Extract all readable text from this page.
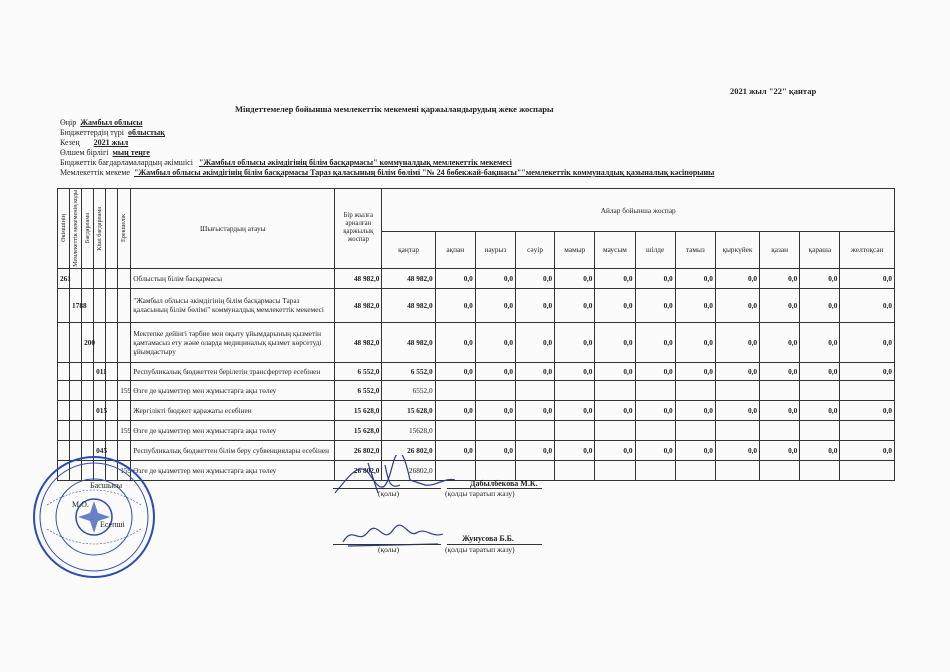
2021 жыл "22" қантар
Міндеттемелер бойынша мемлекеттік мекемені қаржыландырудың жеке жоспары
Өңір Жамбыл облысы
Бюджеттердің түрі облыстық
Кезең 2021 жыл
Өлшем бірлігі мың теңге
Бюджеттік бағдарламалардың әкімшісі "Жамбыл облысы әкімдігінің білім басқармасы" коммуналдық мемлекеттік мекемесі
Мемлекеттік мекеме "Жамбыл облысы әкімдігінің білім басқармасы Тараз қаласының білім бөлімі "№ 24 бөбекжай-бақшасы""мемлекеттік коммуналдық қазыналық кәсіпорыны
Әкімшінің	Мемлекеттік мекеменің коды	Бағдарлама	Кіші бағдарлама		Ерекшелік	Шығыстардың атауы	Бір жылға арналған қаржылық жоспар	Айлар бойынша жоспар											
								қаңтар	ақпан	наурыз	сәуір	мамыр	маусым	шілде	тамыз	қыркүйек	қазан	қараша	желтоқсан
261						Облыстың білім басқармасы	48 982,0	48 982,0	0,0	0,0	0,0	0,0	0,0	0,0	0,0	0,0	0,0	0,0	0,0
	1788					"Жамбыл облысы әкімдігінің білім басқармасы Тараз қаласының білім бөлімі" коммуналдық мемлекеттік мекемесі	48 982,0	48 982,0	0,0	0,0	0,0	0,0	0,0	0,0	0,0	0,0	0,0	0,0	0,0
		200				Мектепке дейінгі тәрбие мен оқыту ұйымдарының қызметін қамтамасыз ету және оларда медициналық қызмет көрсетуді ұйымдастыру	48 982,0	48 982,0	0,0	0,0	0,0	0,0	0,0	0,0	0,0	0,0	0,0	0,0	0,0
			011			Республикалық бюджеттен берілетін трансферттер есебінен	6 552,0	6 552,0	0,0	0,0	0,0	0,0	0,0	0,0	0,0	0,0	0,0	0,0	0,0
					159	Өзге де қызметтер мен жұмыстарға ақы төлеу	6 552,0	6552,0											
			015			Жергілікті бюджет қаражаты есебінен	15 628,0	15 628,0	0,0	0,0	0,0	0,0	0,0	0,0	0,0	0,0	0,0	0,0	0,0
					159	Өзге де қызметтер мен жұмыстарға ақы төлеу	15 628,0	15628,0											
			045			Республикалық бюджеттен білім беру субвенциялары есебінен	26 802,0	26 802,0	0,0	0,0	0,0	0,0	0,0	0,0	0,0	0,0	0,0	0,0	0,0
					159	Өзге де қызметтер мен жұмыстарға ақы төлеу	26 802,0	26802,0											
(қолы)
Дабылбекова М.К.
(қолды таратып жазу)
(қолы)
Жунусова Б.Б.
(қолды таратып жазу)
Басшысы
М.О.
Есепші
